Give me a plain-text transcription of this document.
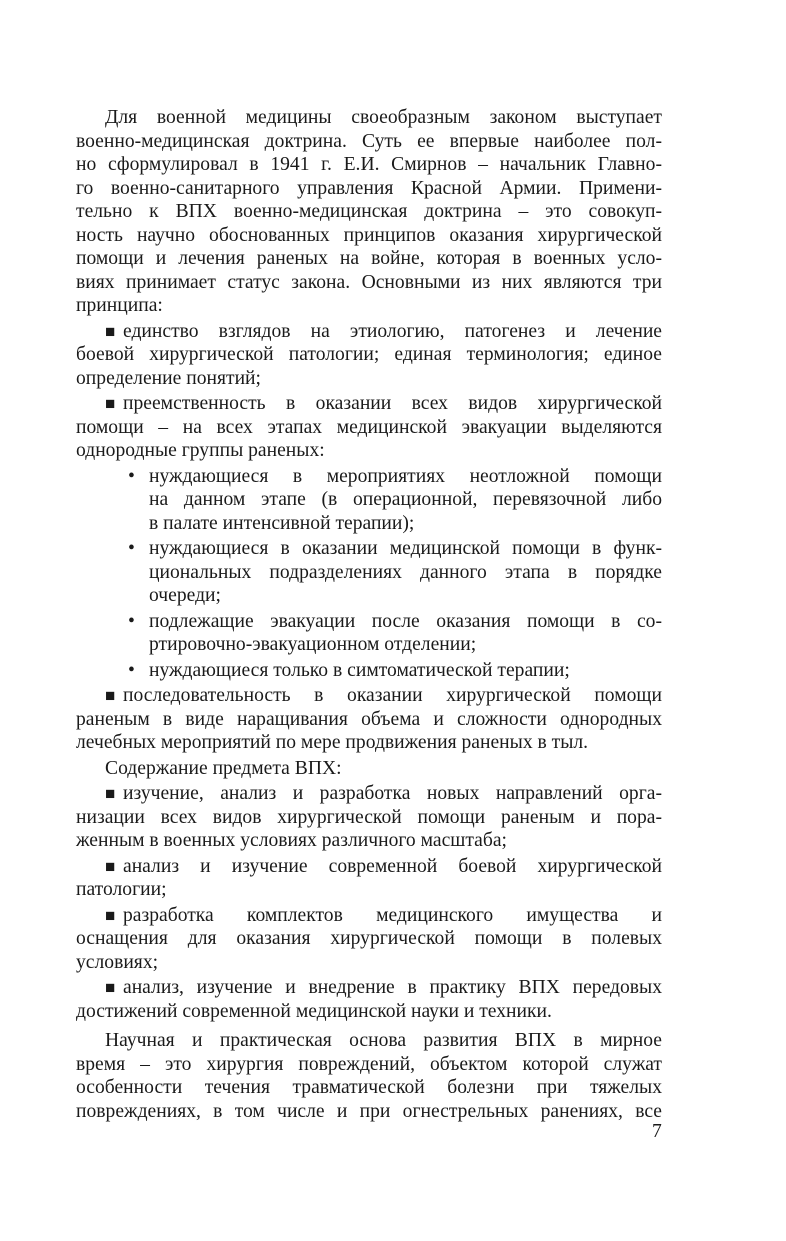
Для военной медицины своеобразным законом выступает
военно-медицинская доктрина. Суть ее впервые наиболее пол-
но сформулировал в 1941 г. Е.И. Смирнов – начальник Главно-
го военно-санитарного управления Красной Армии. Примени-
тельно к ВПХ военно-медицинская доктрина – это совокуп-
ность научно обоснованных принципов оказания хирургической
помощи и лечения раненых на войне, которая в военных усло-
виях принимает статус закона. Основными из них являются три
принципа:
■ единство взглядов на этиологию, патогенез и лечение
боевой хирургической патологии; единая терминология; единое
определение понятий;
■ преемственность в оказании всех видов хирургической
помощи – на всех этапах медицинской эвакуации выделяются
однородные группы раненых:
• нуждающиеся в мероприятиях неотложной помощи
на данном этапе (в операционной, перевязочной либо
в палате интенсивной терапии);
• нуждающиеся в оказании медицинской помощи в функ-
циональных подразделениях данного этапа в порядке
очереди;
• подлежащие эвакуации после оказания помощи в со-
ртировочно-эвакуационном отделении;
• нуждающиеся только в симтоматической терапии;
■ последовательность в оказании хирургической помощи
раненым в виде наращивания объема и сложности однородных
лечебных мероприятий по мере продвижения раненых в тыл.
Содержание предмета ВПХ:
■ изучение, анализ и разработка новых направлений орга-
низации всех видов хирургической помощи раненым и пора-
женным в военных условиях различного масштаба;
■ анализ и изучение современной боевой хирургической
патологии;
■ разработка комплектов медицинского имущества и
оснащения для оказания хирургической помощи в полевых
условиях;
■ анализ, изучение и внедрение в практику ВПХ передовых
достижений современной медицинской науки и техники.
Научная и практическая основа развития ВПХ в мирное
время – это хирургия повреждений, объектом которой служат
особенности течения травматической болезни при тяжелых
повреждениях, в том числе и при огнестрельных ранениях, все
7
